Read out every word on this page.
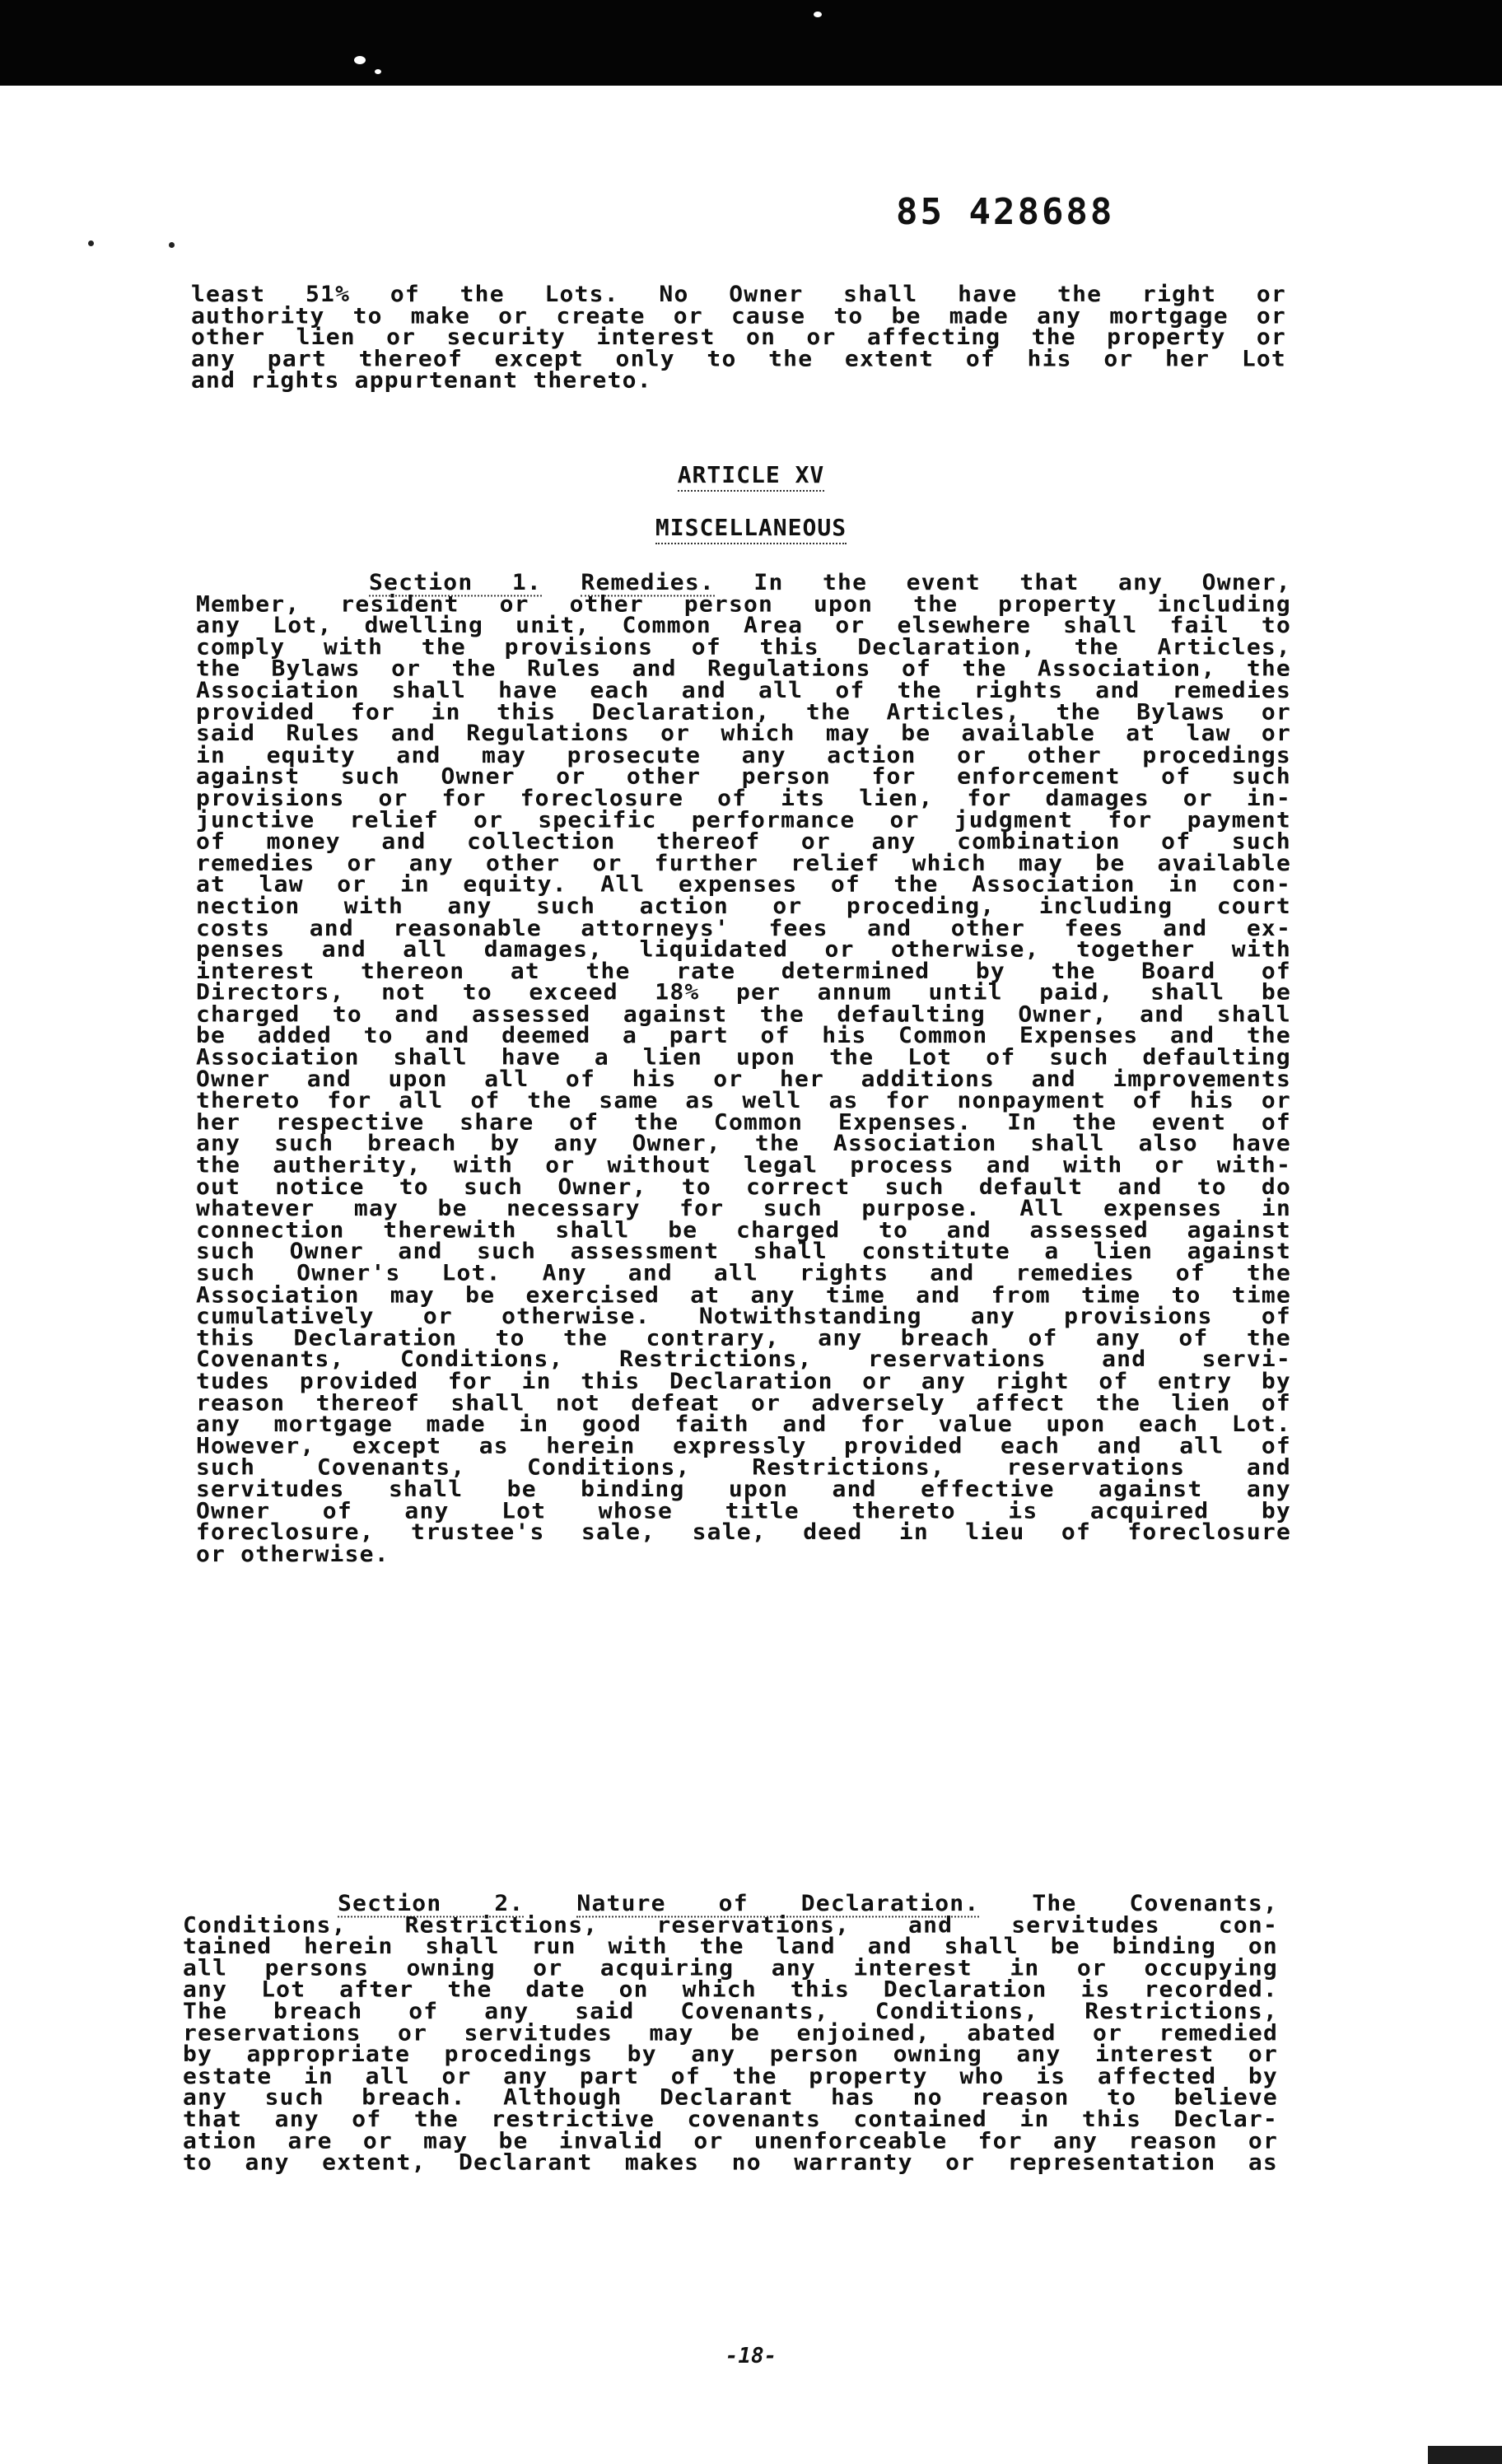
85 428688
least 51% of the Lots. No Owner shall have the right or
authority to make or create or cause to be made any mortgage or
other lien or security interest on or affecting the property or
any part thereof except only to the extent of his or her Lot
and rights appurtenant thereto.
ARTICLE XV
MISCELLANEOUS
Section 1. Remedies. In the event that any Owner,
Member, resident or other person upon the property including
any Lot, dwelling unit, Common Area or elsewhere shall fail to
comply with the provisions of this Declaration, the Articles,
the Bylaws or the Rules and Regulations of the Association, the
Association shall have each and all of the rights and remedies
provided for in this Declaration, the Articles, the Bylaws or
said Rules and Regulations or which may be available at law or
in equity and may prosecute any action or other procedings
against such Owner or other person for enforcement of such
provisions or for foreclosure of its lien, for damages or in-
junctive relief or specific performance or judgment for payment
of money and collection thereof or any combination of such
remedies or any other or further relief which may be available
at law or in equity. All expenses of the Association in con-
nection with any such action or proceding, including court
costs and reasonable attorneys' fees and other fees and ex-
penses and all damages, liquidated or otherwise, together with
interest thereon at the rate determined by the Board of
Directors, not to exceed 18% per annum until paid, shall be
charged to and assessed against the defaulting Owner, and shall
be added to and deemed a part of his Common Expenses and the
Association shall have a lien upon the Lot of such defaulting
Owner and upon all of his or her additions and improvements
thereto for all of the same as well as for nonpayment of his or
her respective share of the Common Expenses. In the event of
any such breach by any Owner, the Association shall also have
the autherity, with or without legal process and with or with-
out notice to such Owner, to correct such default and to do
whatever may be necessary for such purpose. All expenses in
connection therewith shall be charged to and assessed against
such Owner and such assessment shall constitute a lien against
such Owner's Lot. Any and all rights and remedies of the
Association may be exercised at any time and from time to time
cumulatively or otherwise. Notwithstanding any provisions of
this Declaration to the contrary, any breach of any of the
Covenants, Conditions, Restrictions, reservations and servi-
tudes provided for in this Declaration or any right of entry by
reason thereof shall not defeat or adversely affect the lien of
any mortgage made in good faith and for value upon each Lot.
However, except as herein expressly provided each and all of
such Covenants, Conditions, Restrictions, reservations and
servitudes shall be binding upon and effective against any
Owner of any Lot whose title thereto is acquired by
foreclosure, trustee's sale, sale, deed in lieu of foreclosure
or otherwise.
Section 2. Nature of Declaration. The Covenants,
Conditions, Restrictions, reservations, and servitudes con-
tained herein shall run with the land and shall be binding on
all persons owning or acquiring any interest in or occupying
any Lot after the date on which this Declaration is recorded.
The breach of any said Covenants, Conditions, Restrictions,
reservations or servitudes may be enjoined, abated or remedied
by appropriate procedings by any person owning any interest or
estate in all or any part of the property who is affected by
any such breach. Although Declarant has no reason to believe
that any of the restrictive covenants contained in this Declar-
ation are or may be invalid or unenforceable for any reason or
to any extent, Declarant makes no warranty or representation as
-18-
